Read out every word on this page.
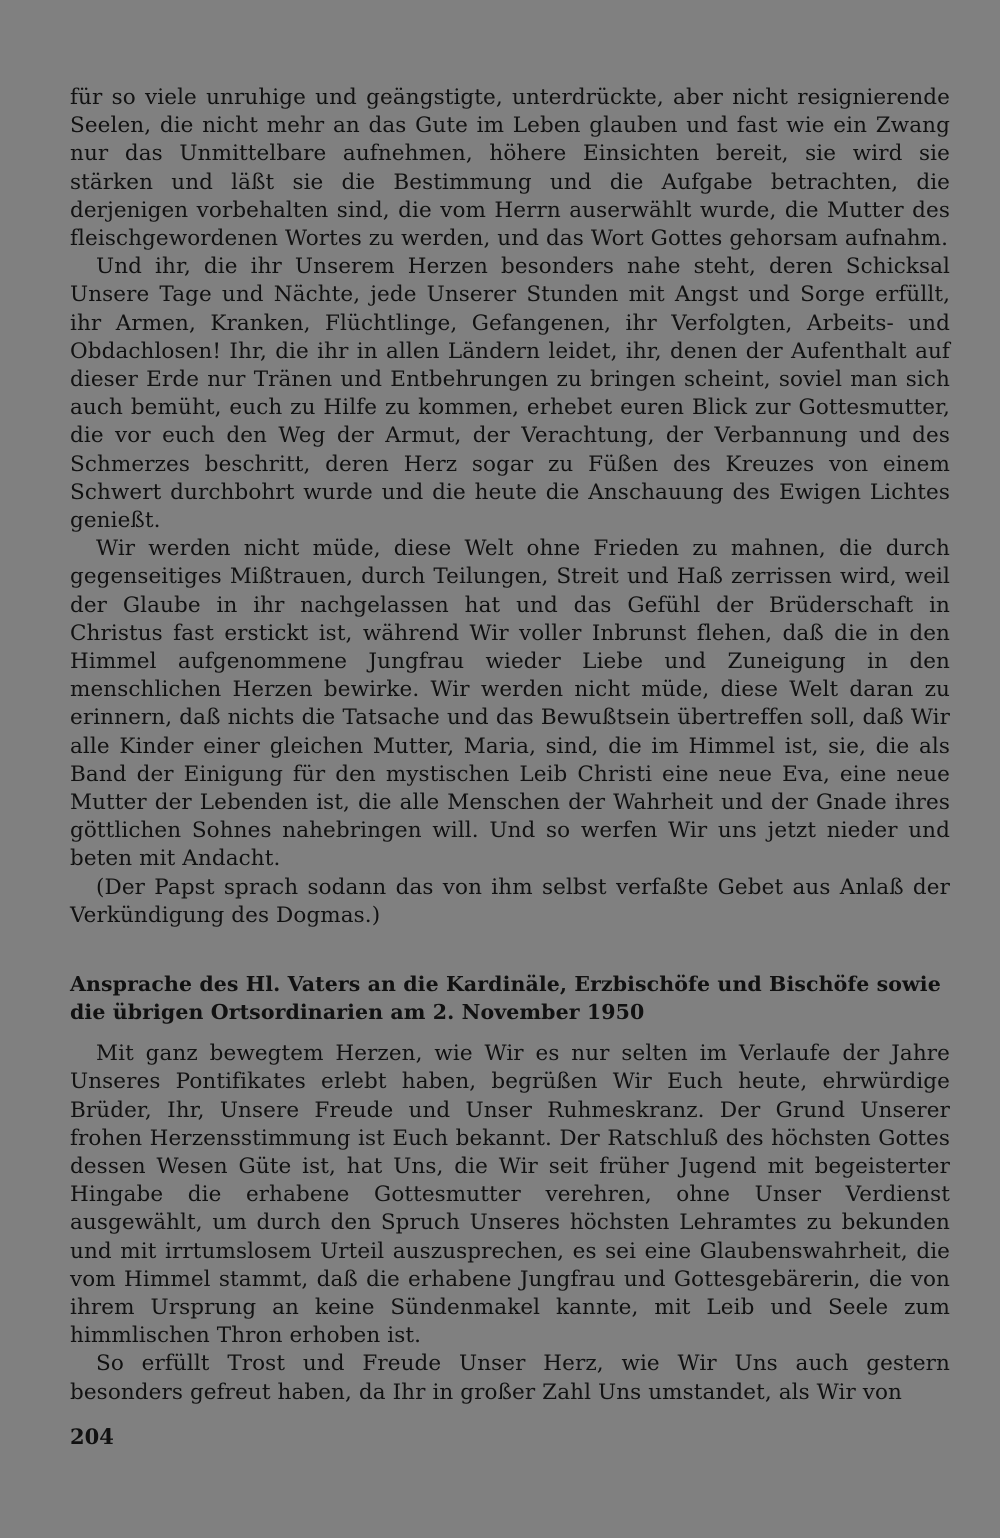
für so viele unruhige und geängstigte, unterdrückte, aber nicht resignierende Seelen, die nicht mehr an das Gute im Leben glauben und fast wie ein Zwang nur das Unmittelbare aufnehmen, höhere Einsichten bereit, sie wird sie stärken und läßt sie die Bestimmung und die Aufgabe betrachten, die derjenigen vorbehalten sind, die vom Herrn auserwählt wurde, die Mutter des fleischgewordenen Wortes zu werden, und das Wort Gottes gehorsam aufnahm.

Und ihr, die ihr Unserem Herzen besonders nahe steht, deren Schicksal Unsere Tage und Nächte, jede Unserer Stunden mit Angst und Sorge erfüllt, ihr Armen, Kranken, Flüchtlinge, Gefangenen, ihr Verfolgten, Arbeits- und Obdachlosen! Ihr, die ihr in allen Ländern leidet, ihr, denen der Aufenthalt auf dieser Erde nur Tränen und Entbehrungen zu bringen scheint, soviel man sich auch bemüht, euch zu Hilfe zu kommen, erhebet euren Blick zur Gottesmutter, die vor euch den Weg der Armut, der Verachtung, der Verbannung und des Schmerzes beschritt, deren Herz sogar zu Füßen des Kreuzes von einem Schwert durchbohrt wurde und die heute die Anschauung des Ewigen Lichtes genießt.

Wir werden nicht müde, diese Welt ohne Frieden zu mahnen, die durch gegenseitiges Mißtrauen, durch Teilungen, Streit und Haß zerrissen wird, weil der Glaube in ihr nachgelassen hat und das Gefühl der Brüderschaft in Christus fast erstickt ist, während Wir voller Inbrunst flehen, daß die in den Himmel aufgenommene Jungfrau wieder Liebe und Zuneigung in den menschlichen Herzen bewirke. Wir werden nicht müde, diese Welt daran zu erinnern, daß nichts die Tatsache und das Bewußtsein übertreffen soll, daß Wir alle Kinder einer gleichen Mutter, Maria, sind, die im Himmel ist, sie, die als Band der Einigung für den mystischen Leib Christi eine neue Eva, eine neue Mutter der Lebenden ist, die alle Menschen der Wahrheit und der Gnade ihres göttlichen Sohnes nahebringen will. Und so werfen Wir uns jetzt nieder und beten mit Andacht.

(Der Papst sprach sodann das von ihm selbst verfaßte Gebet aus Anlaß der Verkündigung des Dogmas.)

Ansprache des Hl. Vaters an die Kardinäle, Erzbischöfe und Bischöfe sowie die übrigen Ortsordinarien am 2. November 1950

Mit ganz bewegtem Herzen, wie Wir es nur selten im Verlaufe der Jahre Unseres Pontifikates erlebt haben, begrüßen Wir Euch heute, ehrwürdige Brüder, Ihr, Unsere Freude und Unser Ruhmeskranz. Der Grund Unserer frohen Herzensstimmung ist Euch bekannt. Der Ratschluß des höchsten Gottes dessen Wesen Güte ist, hat Uns, die Wir seit früher Jugend mit begeisterter Hingabe die erhabene Gottesmutter verehren, ohne Unser Verdienst ausgewählt, um durch den Spruch Unseres höchsten Lehramtes zu bekunden und mit irrtumslosem Urteil auszusprechen, es sei eine Glaubenswahrheit, die vom Himmel stammt, daß die erhabene Jungfrau und Gottesgebärerin, die von ihrem Ursprung an keine Sündenmakel kannte, mit Leib und Seele zum himmlischen Thron erhoben ist.

So erfüllt Trost und Freude Unser Herz, wie Wir Uns auch gestern besonders gefreut haben, da Ihr in großer Zahl Uns umstandet, als Wir von

204
